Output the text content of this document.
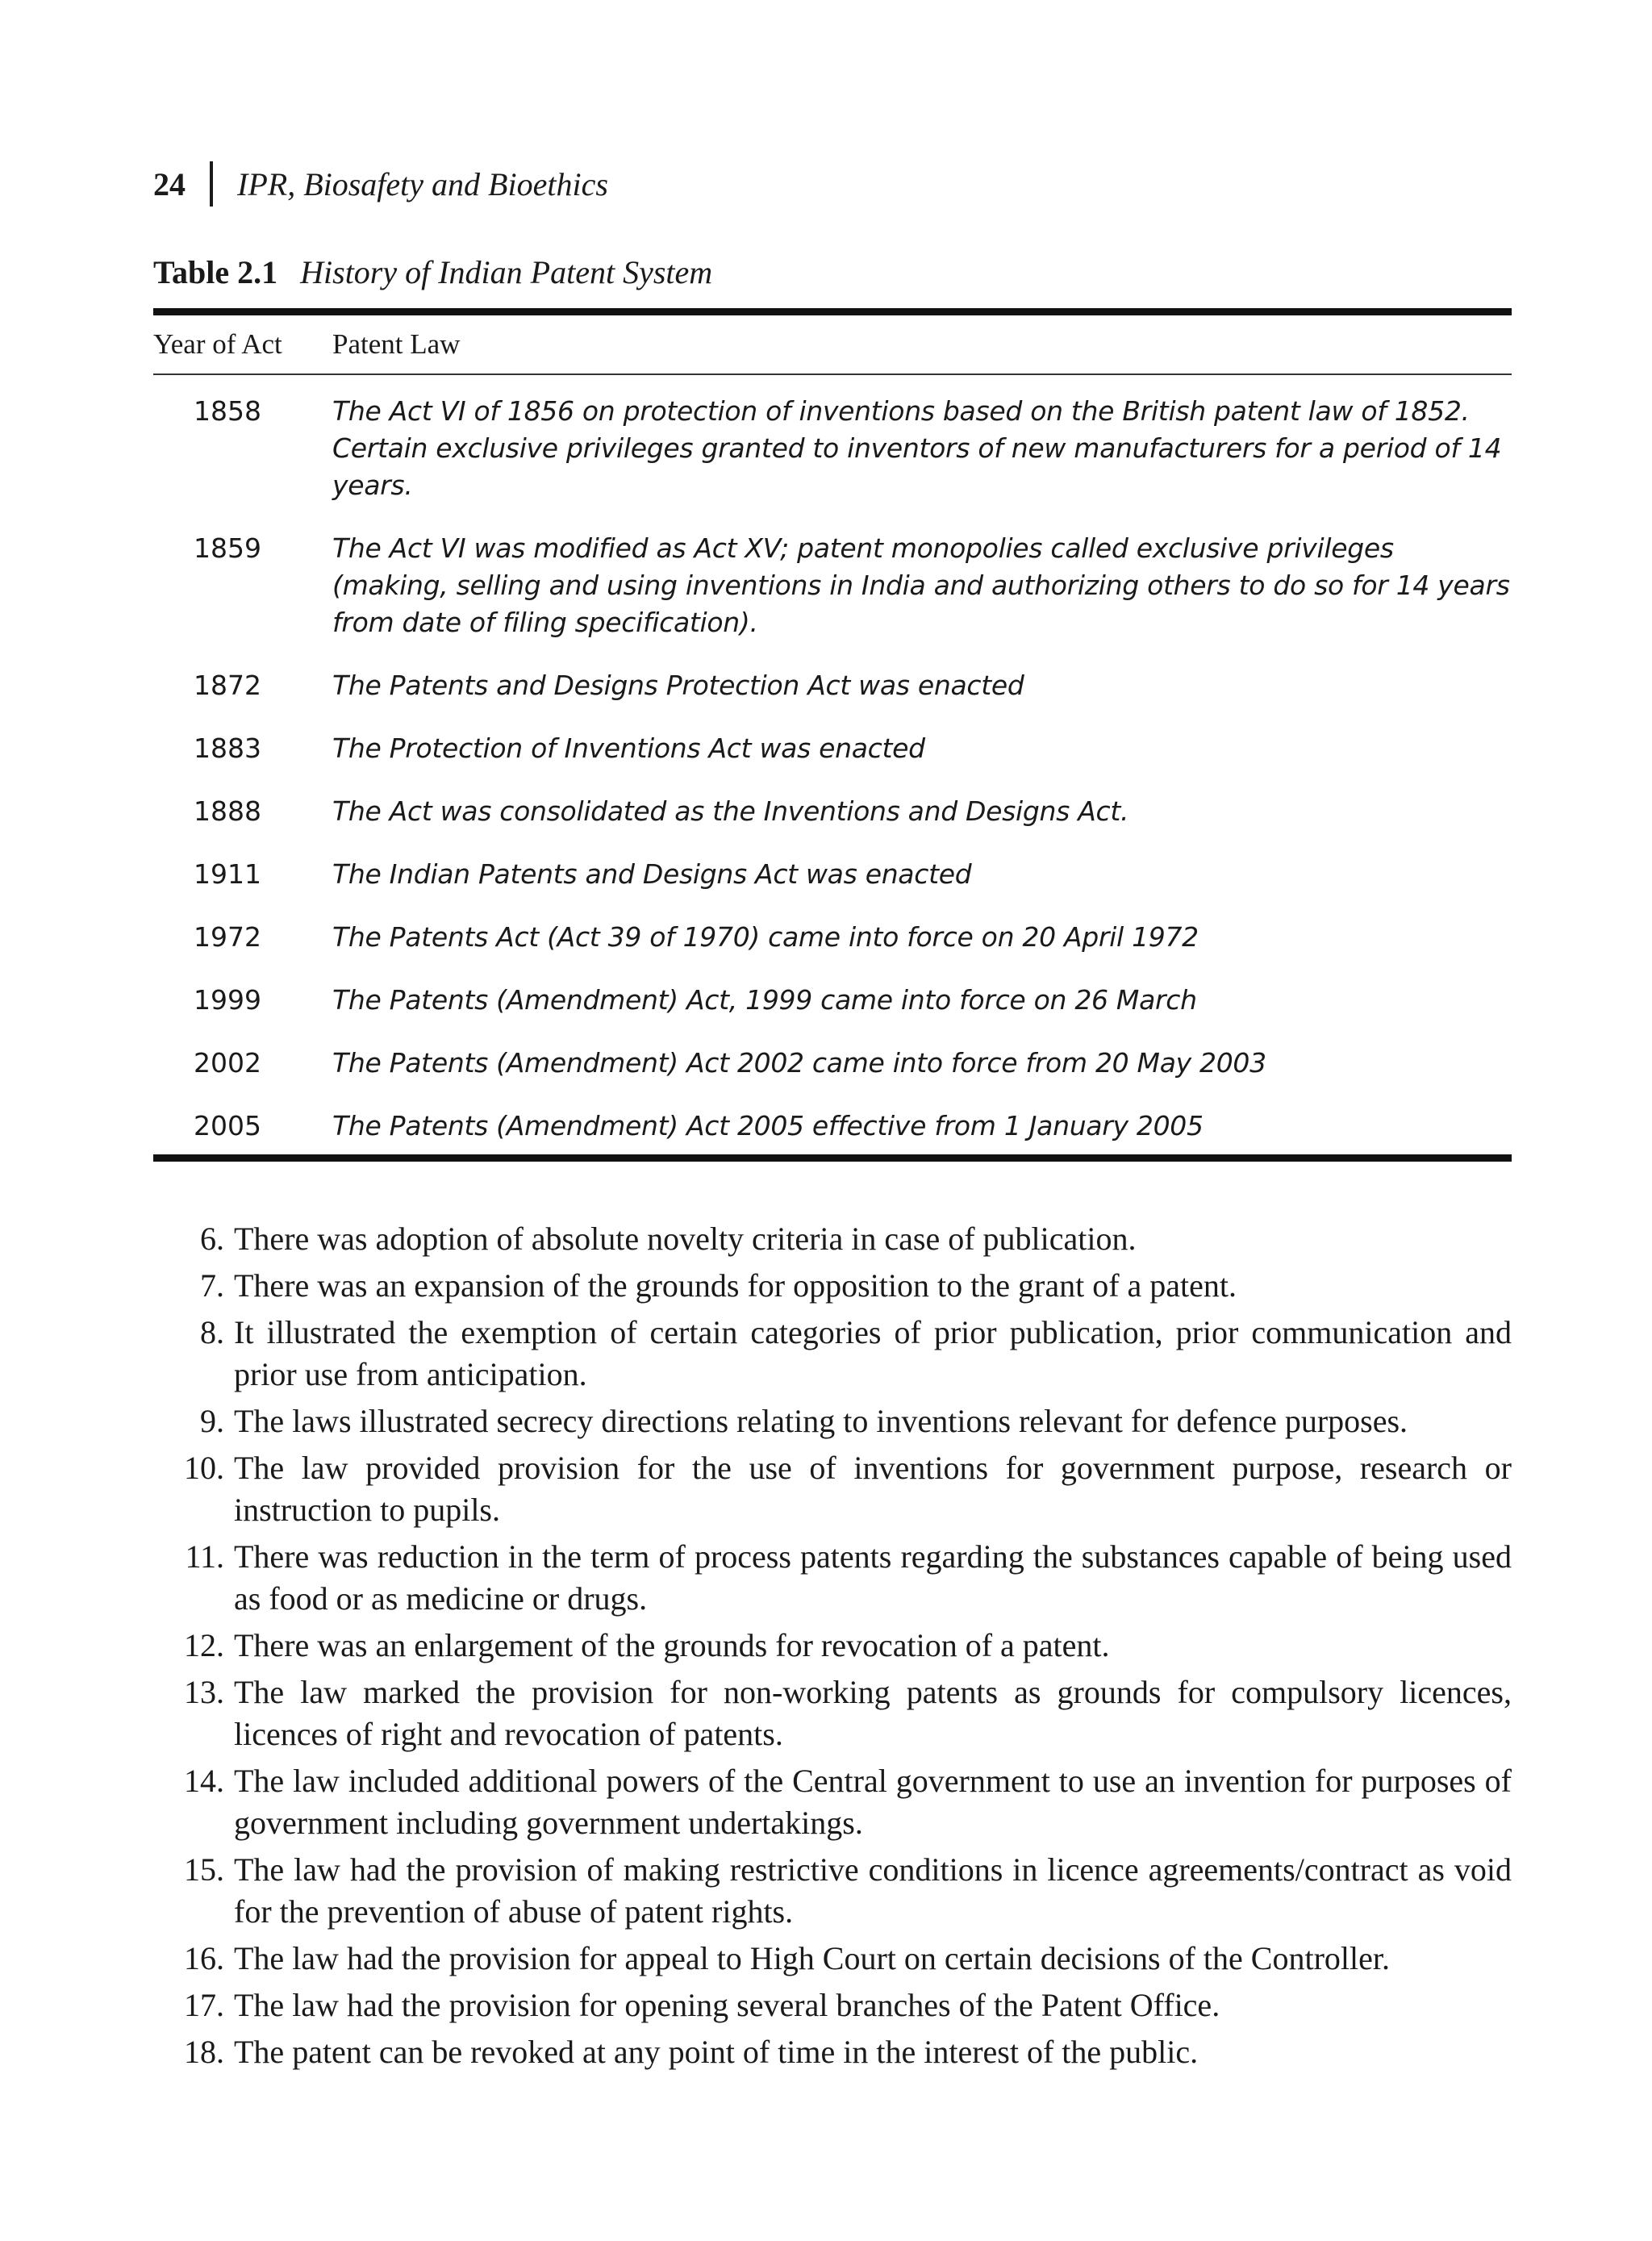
24 IPR, Biosafety and Bioethics
Table 2.1 History of Indian Patent System
Year of Act	Patent Law
1858	The Act VI of 1856 on protection of inventions based on the British patent law of 1852. Certain exclusive privileges granted to inventors of new manufacturers for a period of 14 years.
1859	The Act VI was modified as Act XV; patent monopolies called exclusive privileges (making, selling and using inventions in India and authorizing others to do so for 14 years from date of filing specification).
1872	The Patents and Designs Protection Act was enacted
1883	The Protection of Inventions Act was enacted
1888	The Act was consolidated as the Inventions and Designs Act.
1911	The Indian Patents and Designs Act was enacted
1972	The Patents Act (Act 39 of 1970) came into force on 20 April 1972
1999	The Patents (Amendment) Act, 1999 came into force on 26 March
2002	The Patents (Amendment) Act 2002 came into force from 20 May 2003
2005	The Patents (Amendment) Act 2005 effective from 1 January 2005
6. There was adoption of absolute novelty criteria in case of publication.
7. There was an expansion of the grounds for opposition to the grant of a patent.
8. It illustrated the exemption of certain categories of prior publication, prior communication and prior use from anticipation.
9. The laws illustrated secrecy directions relating to inventions relevant for defence purposes.
10. The law provided provision for the use of inventions for government purpose, research or instruction to pupils.
11. There was reduction in the term of process patents regarding the substances capable of being used as food or as medicine or drugs.
12. There was an enlargement of the grounds for revocation of a patent.
13. The law marked the provision for non-working patents as grounds for compulsory licences, licences of right and revocation of patents.
14. The law included additional powers of the Central government to use an invention for purposes of government including government undertakings.
15. The law had the provision of making restrictive conditions in licence agreements/contract as void for the prevention of abuse of patent rights.
16. The law had the provision for appeal to High Court on certain decisions of the Controller.
17. The law had the provision for opening several branches of the Patent Office.
18. The patent can be revoked at any point of time in the interest of the public.
